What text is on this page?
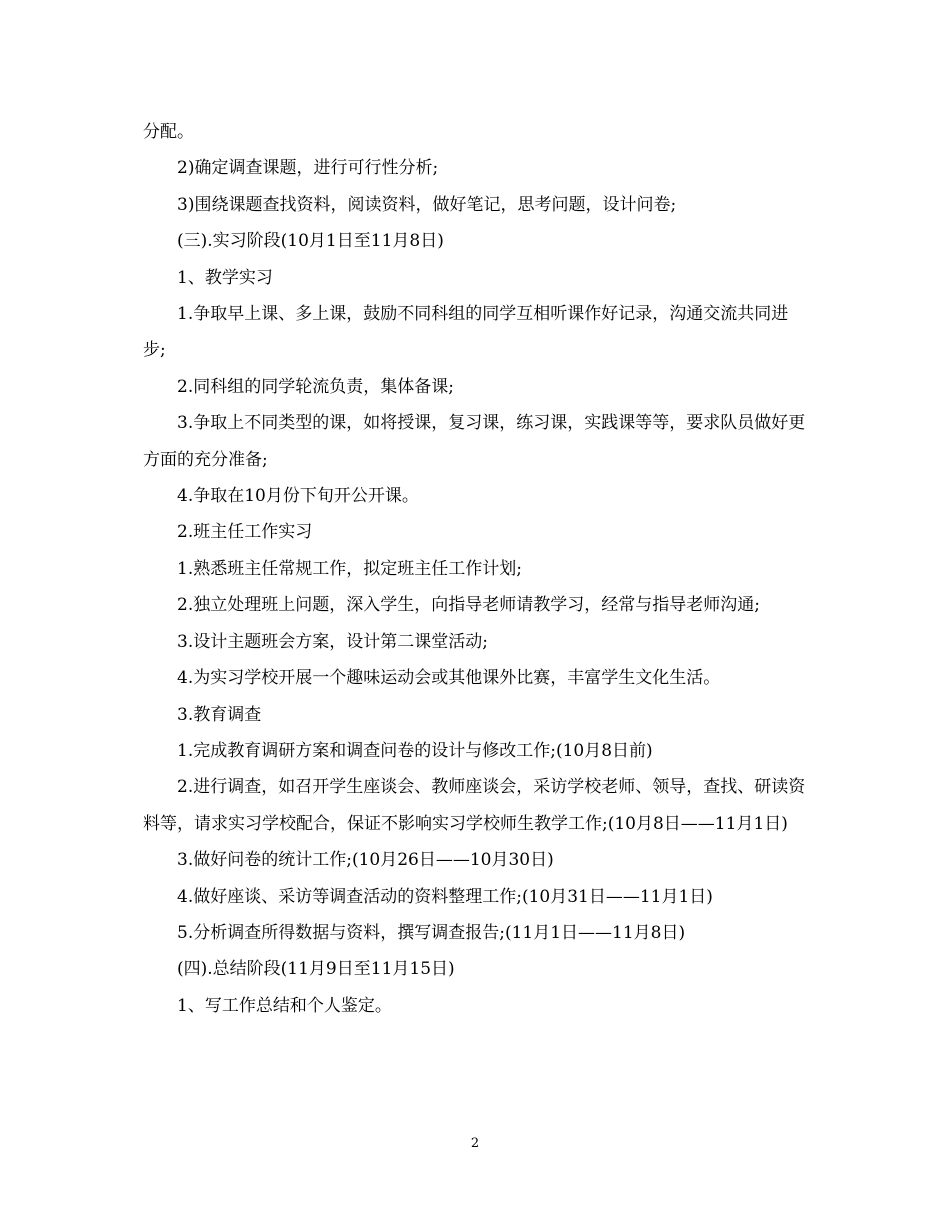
分配。

2)确定调查课题，进行可行性分析;

3)围绕课题查找资料，阅读资料，做好笔记，思考问题，设计问卷;

(三).实习阶段(10月1日至11月8日)

1、教学实习

1.争取早上课、多上课，鼓励不同科组的同学互相听课作好记录，沟通交流共同进步;

2.同科组的同学轮流负责，集体备课;

3.争取上不同类型的课，如将授课，复习课，练习课，实践课等等，要求队员做好更方面的充分准备;

4.争取在10月份下旬开公开课。

2.班主任工作实习

1.熟悉班主任常规工作，拟定班主任工作计划;

2.独立处理班上问题，深入学生，向指导老师请教学习，经常与指导老师沟通;

3.设计主题班会方案，设计第二课堂活动;

4.为实习学校开展一个趣味运动会或其他课外比赛，丰富学生文化生活。

3.教育调查

1.完成教育调研方案和调查问卷的设计与修改工作;(10月8日前)

2.进行调查，如召开学生座谈会、教师座谈会，采访学校老师、领导，查找、研读资料等，请求实习学校配合，保证不影响实习学校师生教学工作;(10月8日——11月1日)

3.做好问卷的统计工作;(10月26日——10月30日)

4.做好座谈、采访等调查活动的资料整理工作;(10月31日——11月1日)

5.分析调查所得数据与资料，撰写调查报告;(11月1日——11月8日)

(四).总结阶段(11月9日至11月15日)

1、写工作总结和个人鉴定。

2
